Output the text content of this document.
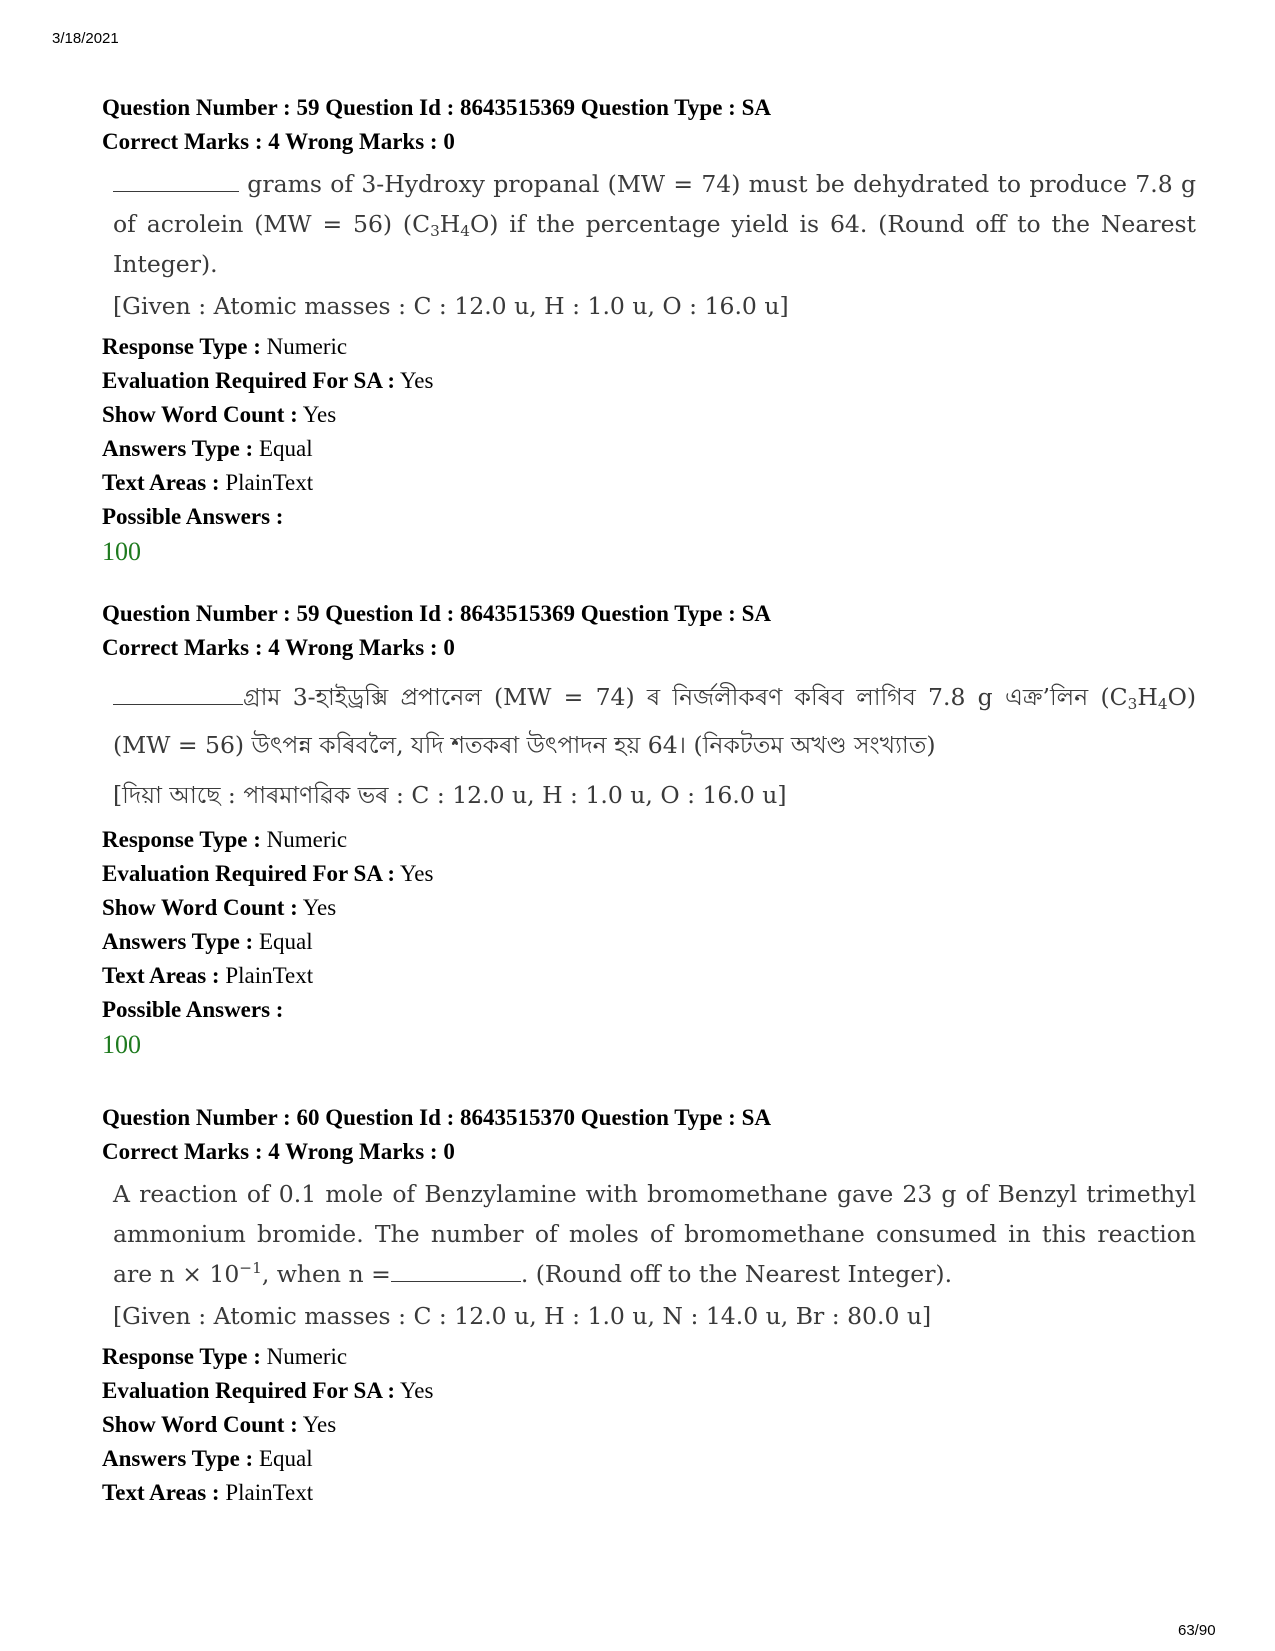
3/18/2021
Question Number : 59 Question Id : 8643515369 Question Type : SA
Correct Marks : 4 Wrong Marks : 0

grams of 3-Hydroxy propanal (MW = 74) must be dehydrated to produce 7.8 g of acrolein (MW = 56) $(C_3H_4O)$ if the percentage yield is 64. (Round off to the Nearest Integer).

[Given : Atomic masses : C : 12.0 u, H : 1.0 u, O : 16.0 u]

Response Type : Numeric
Evaluation Required For SA : Yes
Show Word Count : Yes
Answers Type : Equal
Text Areas : PlainText
Possible Answers :
100
Question Number : 59 Question Id : 8643515369 Question Type : SA
Correct Marks : 4 Wrong Marks : 0

গ্ৰাম 3-হাইড্ৰক্সি প্ৰপানেল (MW = 74) ৰ নিৰ্জলীকৰণ কৰিব লাগিব 7.8 g এক্ৰ’লিন $(C_3H_4O) (MW = 56)$ উৎপন্ন কৰিবলৈ, যদি শতকৰা উৎপাদন হয় 64। (নিকটতম অখণ্ড সংখ্যাত)

[দিয়া আছে : পাৰমাণৱিক ভৰ : C : 12.0 u, H : 1.0 u, O : 16.0 u]

Response Type : Numeric
Evaluation Required For SA : Yes
Show Word Count : Yes
Answers Type : Equal
Text Areas : PlainText
Possible Answers :
100
Question Number : 60 Question Id : 8643515370 Question Type : SA
Correct Marks : 4 Wrong Marks : 0

A reaction of 0.1 mole of Benzylamine with bromomethane gave 23 g of Benzyl trimethyl ammonium bromide. The number of moles of bromomethane consumed in this reaction are $n \times 10^{-1}$, when n =	. (Round off to the Nearest Integer).

[Given : Atomic masses : C : 12.0 u, H : 1.0 u, N : 14.0 u, Br : 80.0 u]

Response Type : Numeric
Evaluation Required For SA : Yes
Show Word Count : Yes
Answers Type : Equal
Text Areas : PlainText
63/90
